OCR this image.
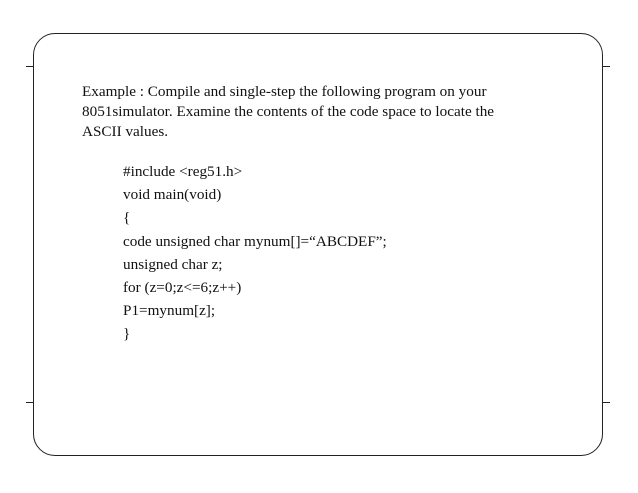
Example : Compile and single-step the following program on your
8051simulator. Examine the contents of the code space to locate the
ASCII values.

#include <reg51.h>
void main(void)
{
code unsigned char mynum[]=“ABCDEF”;
unsigned char z;
for (z=0;z<=6;z++)
P1=mynum[z];
}
